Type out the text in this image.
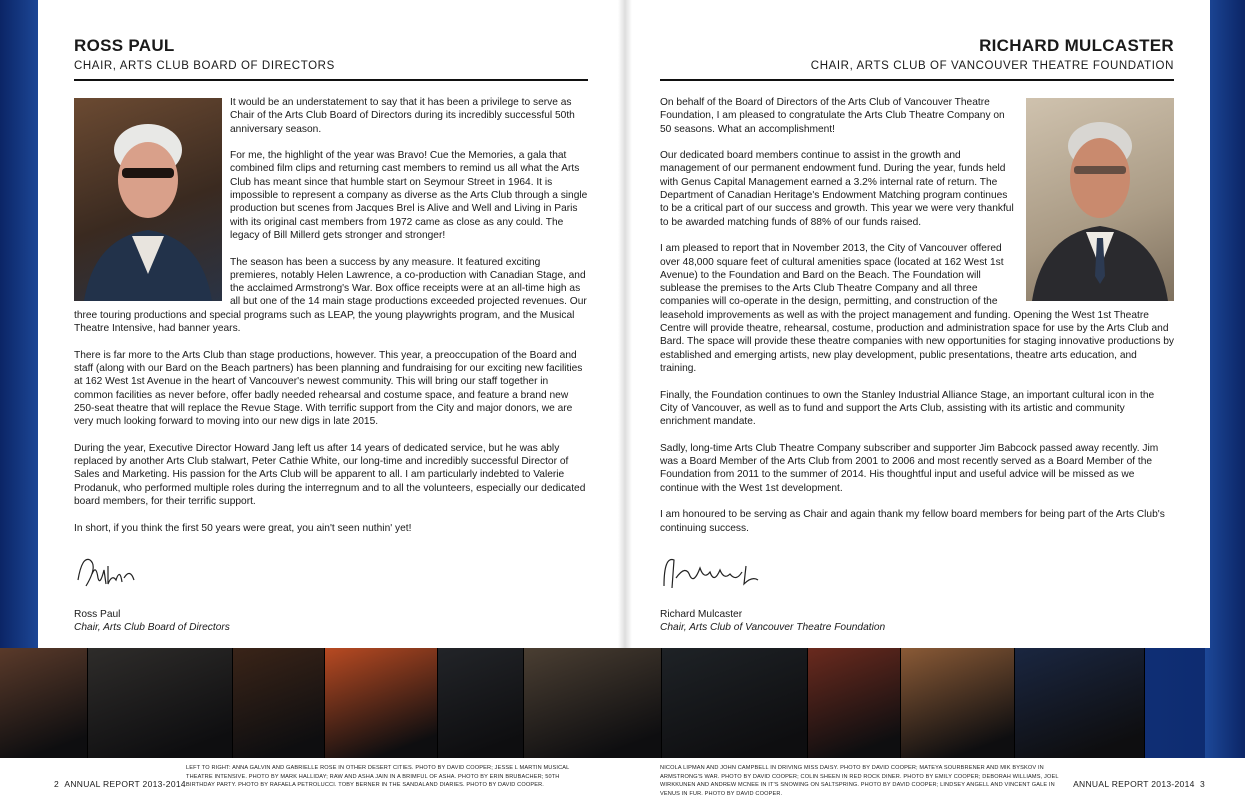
ROSS PAUL
CHAIR, ARTS CLUB BOARD OF DIRECTORS

It would be an understatement to say that it has been a privilege to serve as Chair of the Arts Club Board of Directors during its incredibly successful 50th anniversary season.

For me, the highlight of the year was Bravo! Cue the Memories, a gala that combined film clips and returning cast members to remind us all what the Arts Club has meant since that humble start on Seymour Street in 1964. It is impossible to represent a company as diverse as the Arts Club through a single production but scenes from Jacques Brel is Alive and Well and Living in Paris with its original cast members from 1972 came as close as any could. The legacy of Bill Millerd gets stronger and stronger!

The season has been a success by any measure. It featured exciting premieres, notably Helen Lawrence, a co-production with Canadian Stage, and the acclaimed Armstrong's War. Box office receipts were at an all-time high as all but one of the 14 main stage productions exceeded projected revenues. Our three touring productions and special programs such as LEAP, the young playwrights program, and the Musical Theatre Intensive, had banner years.

There is far more to the Arts Club than stage productions, however. This year, a preoccupation of the Board and staff (along with our Bard on the Beach partners) has been planning and fundraising for our exciting new facilities at 162 West 1st Avenue in the heart of Vancouver's newest community. This will bring our staff together in common facilities as never before, offer badly needed rehearsal and costume space, and feature a brand new 250-seat theatre that will replace the Revue Stage. With terrific support from the City and major donors, we are very much looking forward to moving into our new digs in late 2015.

During the year, Executive Director Howard Jang left us after 14 years of dedicated service, but he was ably replaced by another Arts Club stalwart, Peter Cathie White, our long-time and incredibly successful Director of Sales and Marketing. His passion for the Arts Club will be apparent to all. I am particularly indebted to Valerie Prodanuk, who performed multiple roles during the interregnum and to all the volunteers, especially our dedicated board members, for their terrific support.

In short, if you think the first 50 years were great, you ain't seen nuthin' yet!

Ross Paul
Chair, Arts Club Board of Directors
RICHARD MULCASTER
CHAIR, ARTS CLUB OF VANCOUVER THEATRE FOUNDATION

On behalf of the Board of Directors of the Arts Club of Vancouver Theatre Foundation, I am pleased to congratulate the Arts Club Theatre Company on 50 seasons. What an accomplishment!

Our dedicated board members continue to assist in the growth and management of our permanent endowment fund. During the year, funds held with Genus Capital Management earned a 3.2% internal rate of return. The Department of Canadian Heritage's Endowment Matching program continues to be a critical part of our success and growth. This year we were very thankful to be awarded matching funds of 88% of our funds raised.

I am pleased to report that in November 2013, the City of Vancouver offered over 48,000 square feet of cultural amenities space (located at 162 West 1st Avenue) to the Foundation and Bard on the Beach. The Foundation will sublease the premises to the Arts Club Theatre Company and all three companies will co-operate in the design, permitting, and construction of the leasehold improvements as well as with the project management and funding. Opening the West 1st Theatre Centre will provide theatre, rehearsal, costume, production and administration space for use by the Arts Club and Bard. The space will provide these theatre companies with new opportunities for staging innovative productions by established and emerging artists, new play development, public presentations, theatre arts education, and training.

Finally, the Foundation continues to own the Stanley Industrial Alliance Stage, an important cultural icon in the City of Vancouver, as well as to fund and support the Arts Club, assisting with its artistic and community enrichment mandate.

Sadly, long-time Arts Club Theatre Company subscriber and supporter Jim Babcock passed away recently. Jim was a Board Member of the Arts Club from 2001 to 2006 and most recently served as a Board Member of the Foundation from 2011 to the summer of 2014. His thoughtful input and useful advice will be missed as we continue with the West 1st development.

I am honoured to be serving as Chair and again thank my fellow board members for being part of the Arts Club's continuing success.

Richard Mulcaster
Chair, Arts Club of Vancouver Theatre Foundation
2 ANNUAL REPORT 2013-2014
LEFT TO RIGHT: ANNA GALVIN AND GABRIELLE ROSE IN OTHER DESERT CITIES. PHOTO BY DAVID COOPER; JESSE L MARTIN MUSICAL THEATRE INTENSIVE. PHOTO BY MARK HALLIDAY; RAW AND ASHA JAIN IN A BRIMFUL OF ASHA. PHOTO BY ERIN BRUBACHER; 50TH BIRTHDAY PARTY. PHOTO BY RAFAELA PETROLUCCI. TOBY BERNER IN THE SANDALAND DIARIES. PHOTO BY DAVID COOPER.
NICOLA LIPMAN AND JOHN CAMPBELL IN DRIVING MISS DAISY. PHOTO BY DAVID COOPER; MATEYA SOURBRENER AND MIK BYSKOV IN ARMSTRONG'S WAR. PHOTO BY DAVID COOPER; COLIN SHEEN IN RED ROCK DINER. PHOTO BY EMILY COOPER; DEBORAH WILLIAMS, JOEL WIRKKUNEN AND ANDREW MCNEE IN IT'S SNOWING ON SALTSPRING. PHOTO BY DAVID COOPER; LINDSEY ANGELL AND VINCENT GALE IN VENUS IN FUR. PHOTO BY DAVID COOPER.
ANNUAL REPORT 2013-2014 3
